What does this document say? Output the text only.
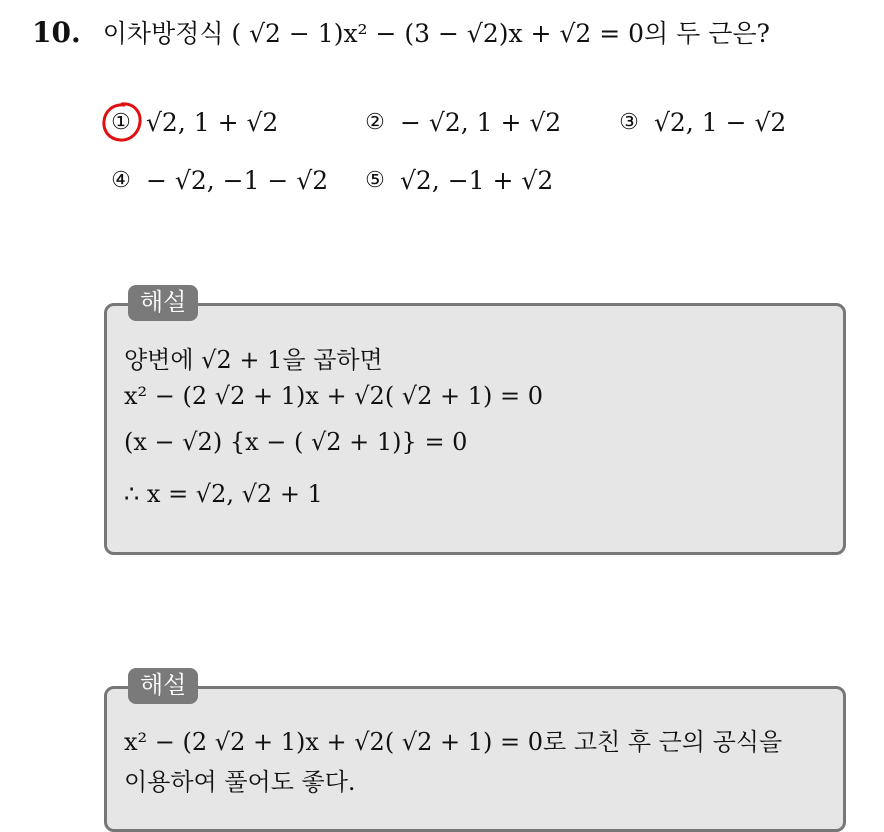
10. 이차방정식 ( √2 − 1)x² − (3 − √2)x + √2 = 0의 두 근은?
① √2, 1 + √2	② − √2, 1 + √2	③ √2, 1 − √2
④ − √2, −1 − √2 ⑤ √2, −1 + √2
해설
양변에 √2 + 1을 곱하면
x² − (2 √2 + 1)x + √2( √2 + 1) = 0
(x − √2) {x − ( √2 + 1)} = 0
∴ x = √2, √2 + 1
해설
x² − (2 √2 + 1)x + √2( √2 + 1) = 0로 고친 후 근의 공식을
이용하여 풀어도 좋다.
